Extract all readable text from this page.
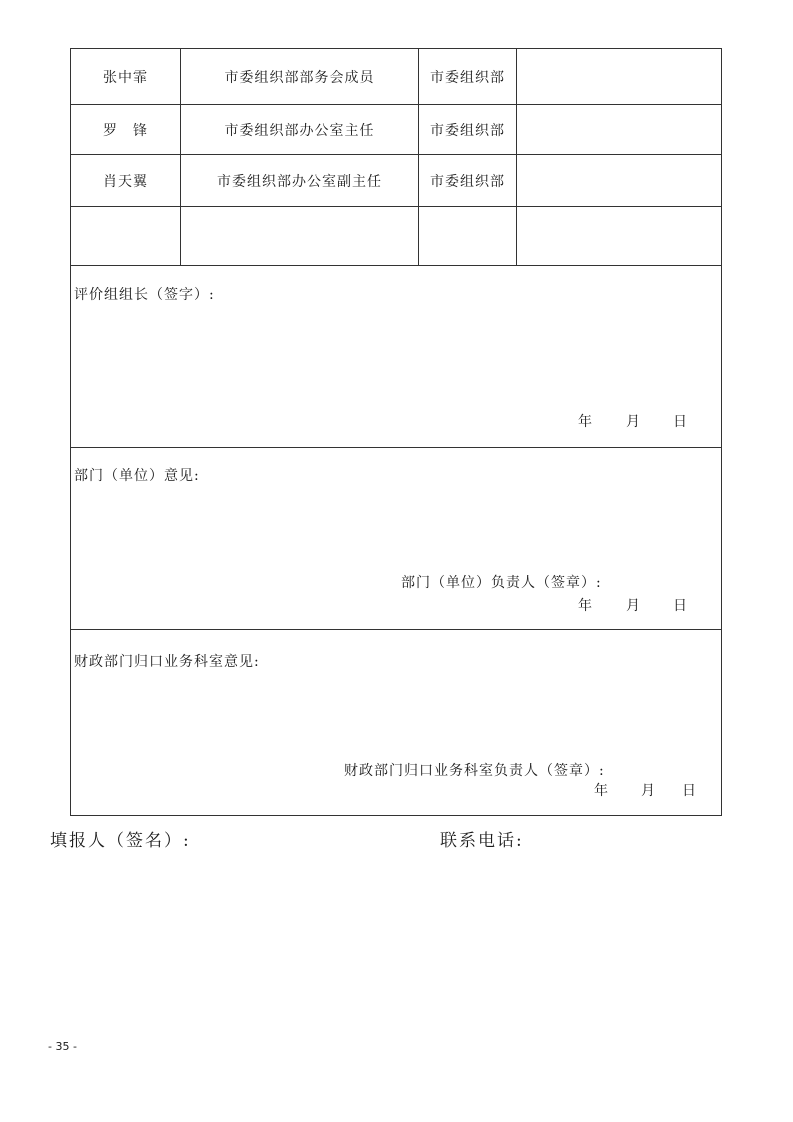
张中霏	市委组织部部务会成员	市委组织部
罗　锋	市委组织部办公室主任	市委组织部
肖天翼	市委组织部办公室副主任	市委组织部
评价组组长（签字）:
年 月 日
部门（单位）意见:
部门（单位）负责人（签章）:
年 月 日
财政部门归口业务科室意见:
财政部门归口业务科室负责人（签章）:
年 月 日
填报人（签名）:	联系电话:
- 35 -
